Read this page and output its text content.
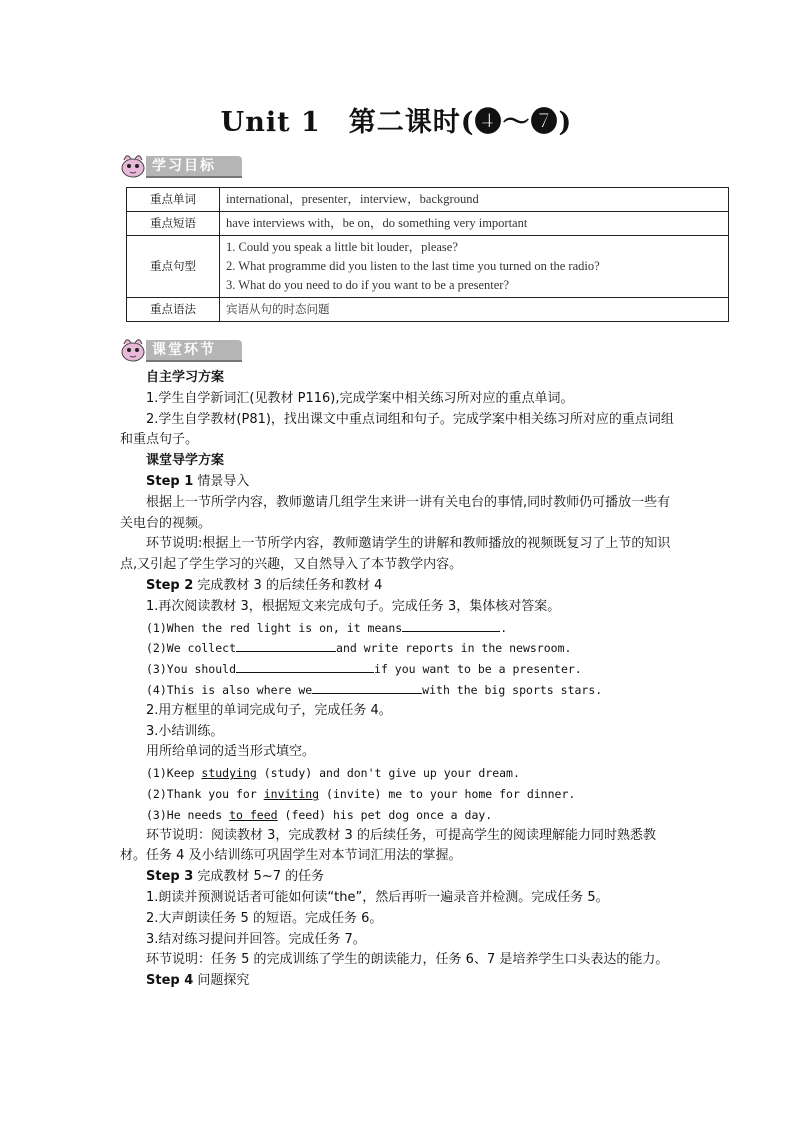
Unit 1 第二课时(❹～❼)
学习目标
重点单词	international，presenter，interview，background
重点短语	have interviews with，be on，do something very important
重点句型	1. Could you speak a little bit louder，please?
2. What programme did you listen to the last time you turned on the radio?
3. What do you need to do if you want to be a presenter?

重点语法	宾语从句的时态问题
课堂环节

自主学习方案

1.学生自学新词汇(见教材 P116),完成学案中相关练习所对应的重点单词。

2.学生自学教材(P81)，找出课文中重点词组和句子。完成学案中相关练习所对应的重点词组和重点句子。

课堂导学方案

Step 1 情景导入

根据上一节所学内容，教师邀请几组学生来讲一讲有关电台的事情,同时教师仍可播放一些有关电台的视频。

环节说明:根据上一节所学内容，教师邀请学生的讲解和教师播放的视频既复习了上节的知识点,又引起了学生学习的兴趣，又自然导入了本节教学内容。

Step 2 完成教材 3 的后续任务和教材 4

1.再次阅读教材 3，根据短文来完成句子。完成任务 3，集体核对答案。

(1)When the red light is on, it means	.

(2)We collect	and write reports in the newsroom.

(3)You should	if you want to be a presenter.

(4)This is also where we	with the big sports stars.

2.用方框里的单词完成句子，完成任务 4。

3.小结训练。

用所给单词的适当形式填空。

(1)Keep studying (study) and don't give up your dream.

(2)Thank you for inviting (invite) me to your home for dinner.

(3)He needs to feed (feed) his pet dog once a day.

环节说明：阅读教材 3，完成教材 3 的后续任务，可提高学生的阅读理解能力同时熟悉教材。任务 4 及小结训练可巩固学生对本节词汇用法的掌握。

Step 3 完成教材 5~7 的任务

1.朗读并预测说话者可能如何读“the”，然后再听一遍录音并检测。完成任务 5。

2.大声朗读任务 5 的短语。完成任务 6。

3.结对练习提问并回答。完成任务 7。

环节说明：任务 5 的完成训练了学生的朗读能力，任务 6、7 是培养学生口头表达的能力。

Step 4 问题探究
